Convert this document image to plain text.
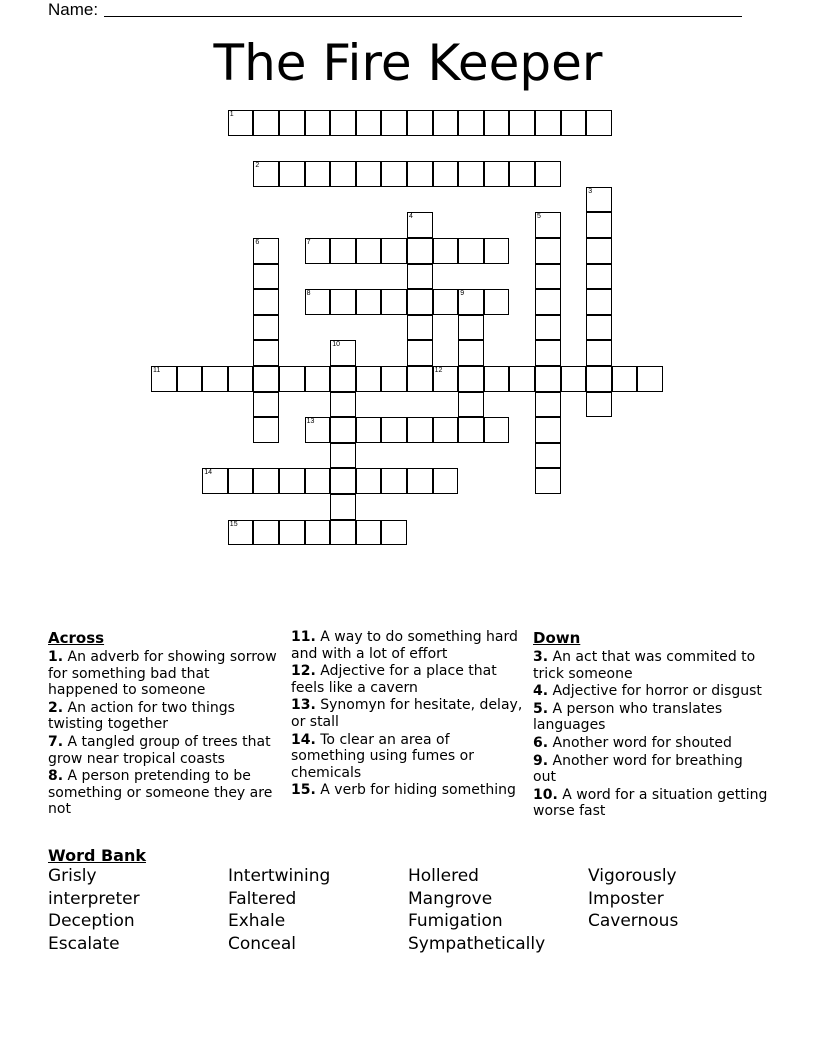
Name:
The Fire Keeper
1
2
3
4	5
6	7
8	9
10
11	12
13
14
15
Across
1. An adverb for showing sorrow for something bad that happened to someone
2. An action for two things twisting together
7. A tangled group of trees that grow near tropical coasts
8. A person pretending to be something or someone they are not
11. A way to do something hard and with a lot of effort
12. Adjective for a place that feels like a cavern
13. Synomyn for hesitate, delay, or stall
14. To clear an area of something using fumes or chemicals
15. A verb for hiding something
Down
3. An act that was commited to trick someone
4. Adjective for horror or disgust
5. A person who translates languages
6. Another word for shouted
9. Another word for breathing out
10. A word for a situation getting worse fast
Word Bank
Grisly	Intertwining	Hollered	Vigorously
interpreter	Faltered	Mangrove	Imposter
Deception	Exhale	Fumigation	Cavernous
Escalate	Conceal	Sympathetically
